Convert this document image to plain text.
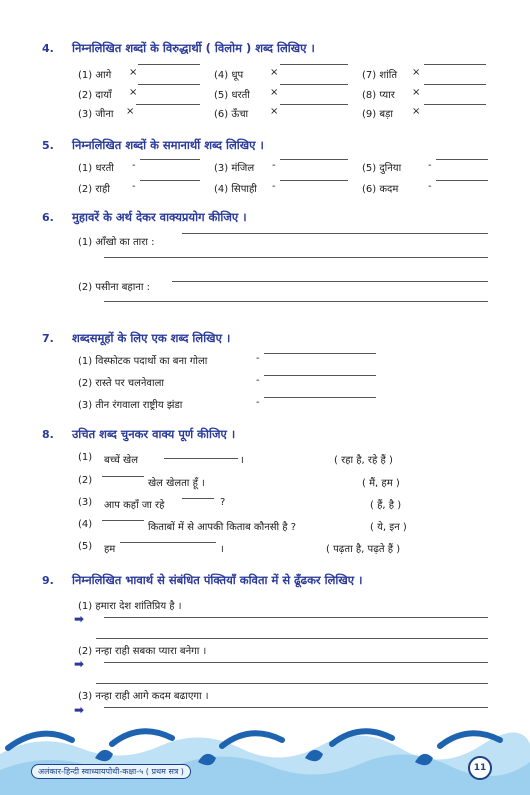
4. निम्नलिखित शब्दों के विरुद्धार्थी ( विलोम ) शब्द लिखिए ।
(1) आगे ×	(4) धूप	×	(7) शांति ×
(2) दायाँ ×	(5) धरती ×	(8) प्यार ×
(3) जीना ×	(6) ऊँचा ×	(9) बड़ा ×
5. निम्नलिखित शब्दों के समानार्थी शब्द लिखिए ।
(1) धरती -	(3) मंजिल -	(5) दुनिया	-
(2) राही -	(4) सिपाही -	(6) कदम	-
6. मुहावरें के अर्थ देकर वाक्यप्रयोग कीजिए ।
(1) आँखो का तारा :
(2) पसीना बहाना :
7. शब्दसमूहों के लिए एक शब्द लिखिए ।
(1) विस्फोटक पदार्थो का बना गोला	-
(2) रास्ते पर चलनेवाला	-
(3) तीन रंगवाला राष्ट्रीय झंडा	-
8. उचित शब्द चुनकर वाक्य पूर्ण कीजिए ।
(1) बच्चें खेल	।	( रहा है, रहे हैं )
(2)	खेल खेलता हूँ ।	( मैं, हम )
(3) आप कहाँ जा रहे	?	( हैं, है )
(4)	किताबों में से आपकी किताब कौनसी है ?	( ये, इन )
(5) हम	।	( पढ़ता है, पढ़ते हैं )
9. निम्नलिखित भावार्थ से संबंधित पंक्तियाँ कविता में से ढूँढकर लिखिए ।
(1) हमारा देश शांतिप्रिय है ।
➡
(2) नन्हा राही सबका प्यारा बनेगा ।
➡
(3) नन्हा राही आगे कदम बढाएगा ।
➡
अलंकार-हिन्दी स्वाध्यायपोथी-कक्षा-५ ( प्रथम सत्र )	11
